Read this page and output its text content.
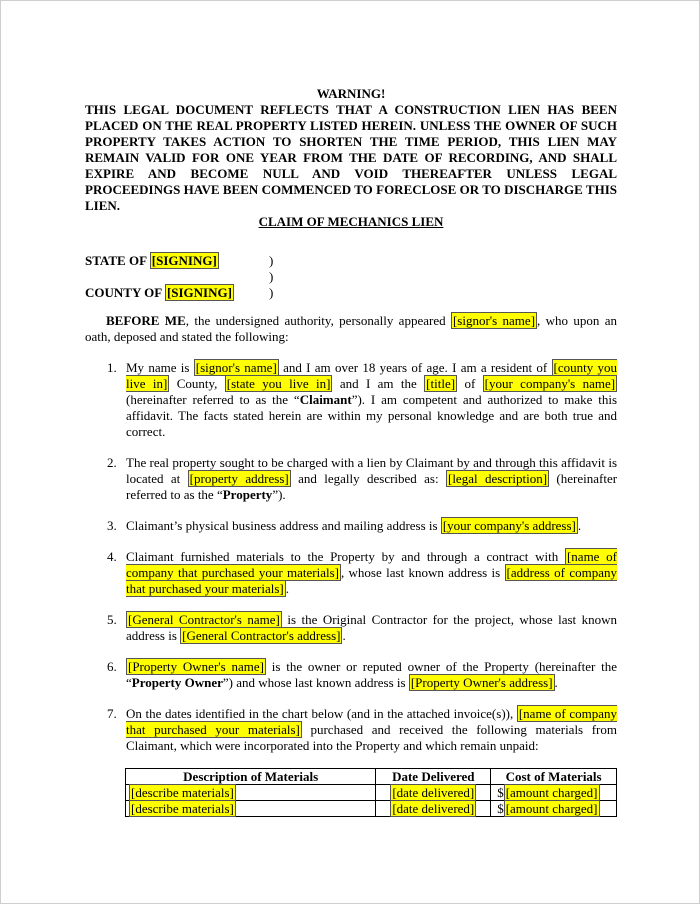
WARNING!
THIS LEGAL DOCUMENT REFLECTS THAT A CONSTRUCTION LIEN HAS BEEN PLACED ON THE REAL PROPERTY LISTED HEREIN. UNLESS THE OWNER OF SUCH PROPERTY TAKES ACTION TO SHORTEN THE TIME PERIOD, THIS LIEN MAY REMAIN VALID FOR ONE YEAR FROM THE DATE OF RECORDING, AND SHALL EXPIRE AND BECOME NULL AND VOID THEREAFTER UNLESS LEGAL PROCEEDINGS HAVE BEEN COMMENCED TO FORECLOSE OR TO DISCHARGE THIS LIEN.
CLAIM OF MECHANICS LIEN
STATE OF [SIGNING]	)
)
)
COUNTY OF [SIGNING]
BEFORE ME, the undersigned authority, personally appeared [signor's name] , who upon an oath, deposed and stated the following:
1. My name is [signor's name] and I am over 18 years of age. I am a resident of [county you live in] County, [state you live in] and I am the [title] of [your company's name] (hereinafter referred to as the “Claimant”). I am competent and authorized to make this affidavit. The facts stated herein are within my personal knowledge and are both true and correct.
2. The real property sought to be charged with a lien by Claimant by and through this affidavit is located at [property address] and legally described as: [legal description] (hereinafter referred to as the “Property”).
3. Claimant’s physical business address and mailing address is [your company's address] .
4. Claimant furnished materials to the Property by and through a contract with [name of company that purchased your materials] , whose last known address is [address of company that purchased your materials] .
5. [General Contractor's name] is the Original Contractor for the project, whose last known address is [General Contractor's address] .
6. [Property Owner's name] is the owner or reputed owner of the Property (hereinafter the “Property Owner”) and whose last known address is [Property Owner's address] .
7. On the dates identified in the chart below (and in the attached invoice(s)), [name of company that purchased your materials] purchased and received the following materials from Claimant, which were incorporated into the Property and which remain unpaid:
Description of Materials	Date Delivered	Cost of Materials
[describe materials]	[date delivered]	$ [amount charged]
[describe materials]	[date delivered]	$ [amount charged]
